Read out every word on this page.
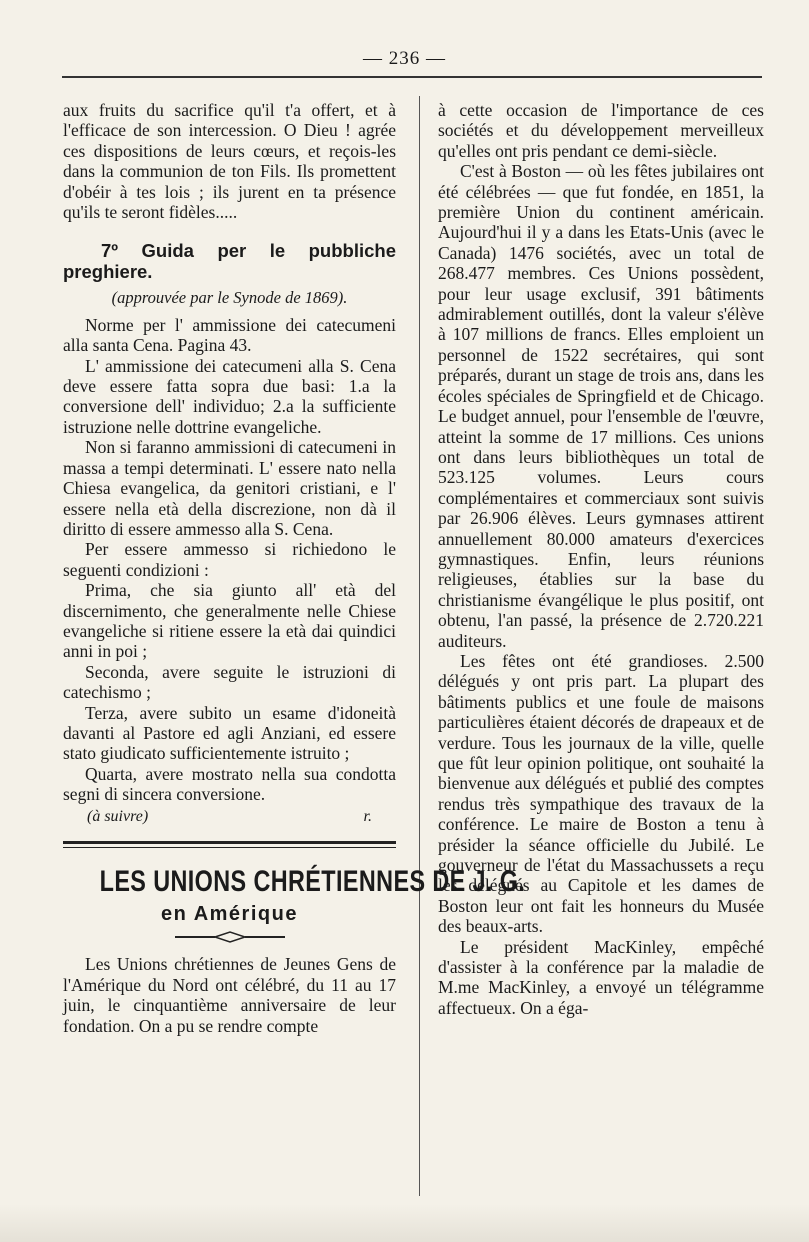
— 236 —

aux fruits du sacrifice qu'il t'a offert, et à l'efficace de son intercession. O Dieu ! agrée ces dispositions de leurs cœurs, et reçois-les dans la communion de ton Fils. Ils promettent d'obéir à tes lois ; ils jurent en ta présence qu'ils te seront fidèles.....

7º Guida per le pubbliche preghiere.
(approuvée par le Synode de 1869).

Norme per l' ammissione dei catecumeni alla santa Cena. Pagina 43.

L' ammissione dei catecumeni alla S. Cena deve essere fatta sopra due basi: 1.a la conversione dell' individuo; 2.a la sufficiente istruzione nelle dottrine evangeliche.

Non si faranno ammissioni di catecumeni in massa a tempi determinati. L' essere nato nella Chiesa evangelica, da genitori cristiani, e l' essere nella età della discrezione, non dà il diritto di essere ammesso alla S. Cena.

Per essere ammesso si richiedono le seguenti condizioni :

Prima, che sia giunto all' età del discernimento, che generalmente nelle Chiese evangeliche si ritiene essere la età dai quindici anni in poi ;

Seconda, avere seguite le istruzioni di catechismo ;

Terza, avere subito un esame d'idoneità davanti al Pastore ed agli Anziani, ed essere stato giudicato sufficientemente istruito ;

Quarta, avere mostrato nella sua condotta segni di sincera conversione.

(à suivre)	r.
LES UNIONS CHRÉTIENNES DE J. G.
en Amérique

Les Unions chrétiennes de Jeunes Gens de l'Amérique du Nord ont célébré, du 11 au 17 juin, le cinquantième anniversaire de leur fondation. On a pu se rendre compte

à cette occasion de l'importance de ces sociétés et du développement merveilleux qu'elles ont pris pendant ce demi-siècle.

C'est à Boston — où les fêtes jubilaires ont été célébrées — que fut fondée, en 1851, la première Union du continent américain. Aujourd'hui il y a dans les Etats-Unis (avec le Canada) 1476 sociétés, avec un total de 268.477 membres. Ces Unions possèdent, pour leur usage exclusif, 391 bâtiments admirablement outillés, dont la valeur s'élève à 107 millions de francs. Elles emploient un personnel de 1522 secrétaires, qui sont préparés, durant un stage de trois ans, dans les écoles spéciales de Springfield et de Chicago. Le budget annuel, pour l'ensemble de l'œuvre, atteint la somme de 17 millions. Ces unions ont dans leurs bibliothèques un total de 523.125 volumes. Leurs cours complémentaires et commerciaux sont suivis par 26.906 élèves. Leurs gymnases attirent annuellement 80.000 amateurs d'exercices gymnastiques. Enfin, leurs réunions religieuses, établies sur la base du christianisme évangélique le plus positif, ont obtenu, l'an passé, la présence de 2.720.221 auditeurs.

Les fêtes ont été grandioses. 2.500 délégués y ont pris part. La plupart des bâtiments publics et une foule de maisons particulières étaient décorés de drapeaux et de verdure. Tous les journaux de la ville, quelle que fût leur opinion politique, ont souhaité la bienvenue aux délégués et publié des comptes rendus très sympathique des travaux de la conférence. Le maire de Boston a tenu à présider la séance officielle du Jubilé. Le gouverneur de l'état du Massachussets a reçu les délégués au Capitole et les dames de Boston leur ont fait les honneurs du Musée des beaux-arts.

Le président MacKinley, empêché d'assister à la conférence par la maladie de M.me MacKinley, a envoyé un télégramme affectueux. On a éga-
